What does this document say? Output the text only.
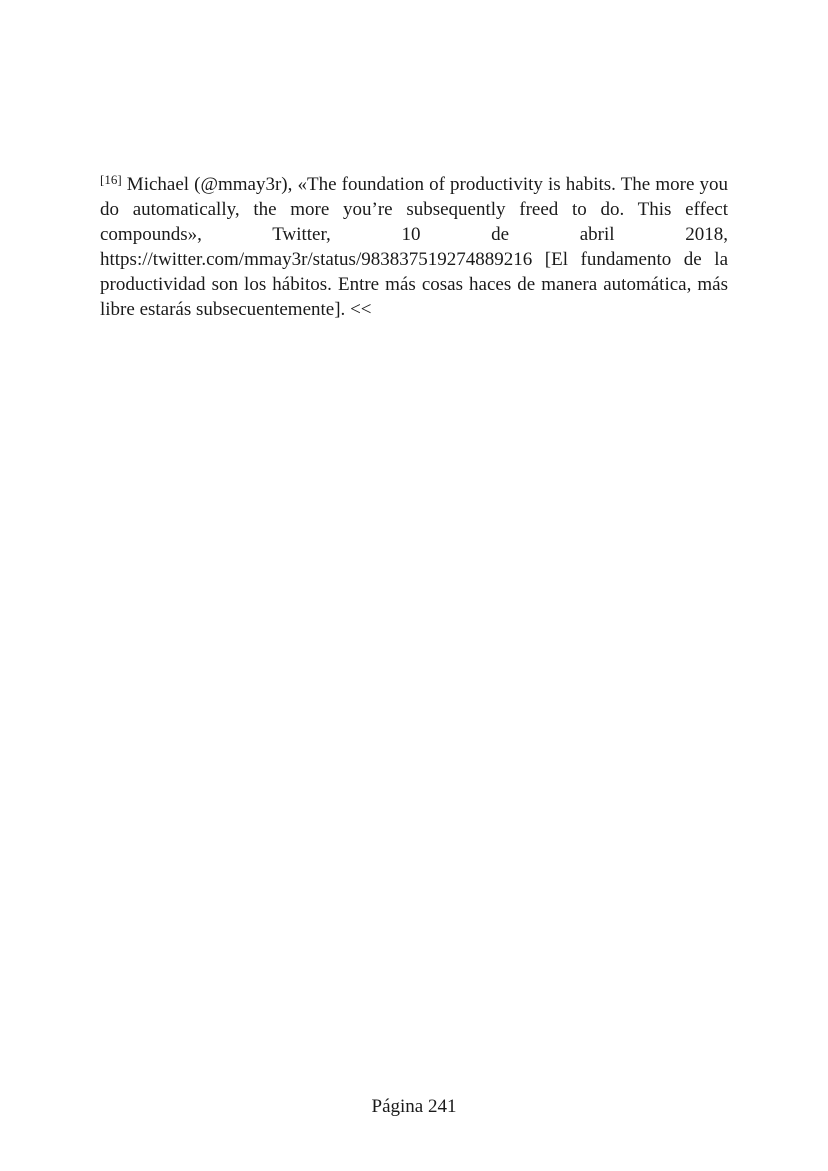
[16] Michael (@mmay3r), «The foundation of productivity is habits. The more you do automatically, the more you’re subsequently freed to do. This effect compounds», Twitter, 10 de abril 2018, https://twitter.com/mmay3r/status/983837519274889216 [El fundamento de la productividad son los hábitos. Entre más cosas haces de manera automática, más libre estarás subsecuentemente]. <<

Página 241
